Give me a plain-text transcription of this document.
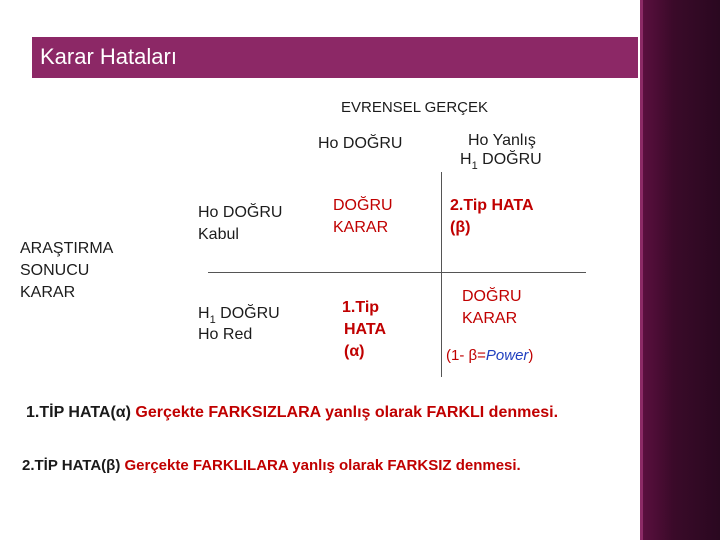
Karar Hataları
EVRENSEL GERÇEK
Ho DOĞRU	Ho Yanlış
$H_1$ DOĞRU
ARAŞTIRMA
SONUCU
KARAR
Ho DOĞRU
Kabul
$H_1$ DOĞRU
Ho Red
DOĞRU
KARAR
2.Tip HATA
(β)
1.Tip
HATA
(α)
DOĞRU
KARAR
(1- β=Power)
1.TİP HATA(α) Gerçekte FARKSIZLARA yanlış olarak FARKLI denmesi.
2.TİP HATA(β) Gerçekte FARKLILARA yanlış olarak FARKSIZ denmesi.
